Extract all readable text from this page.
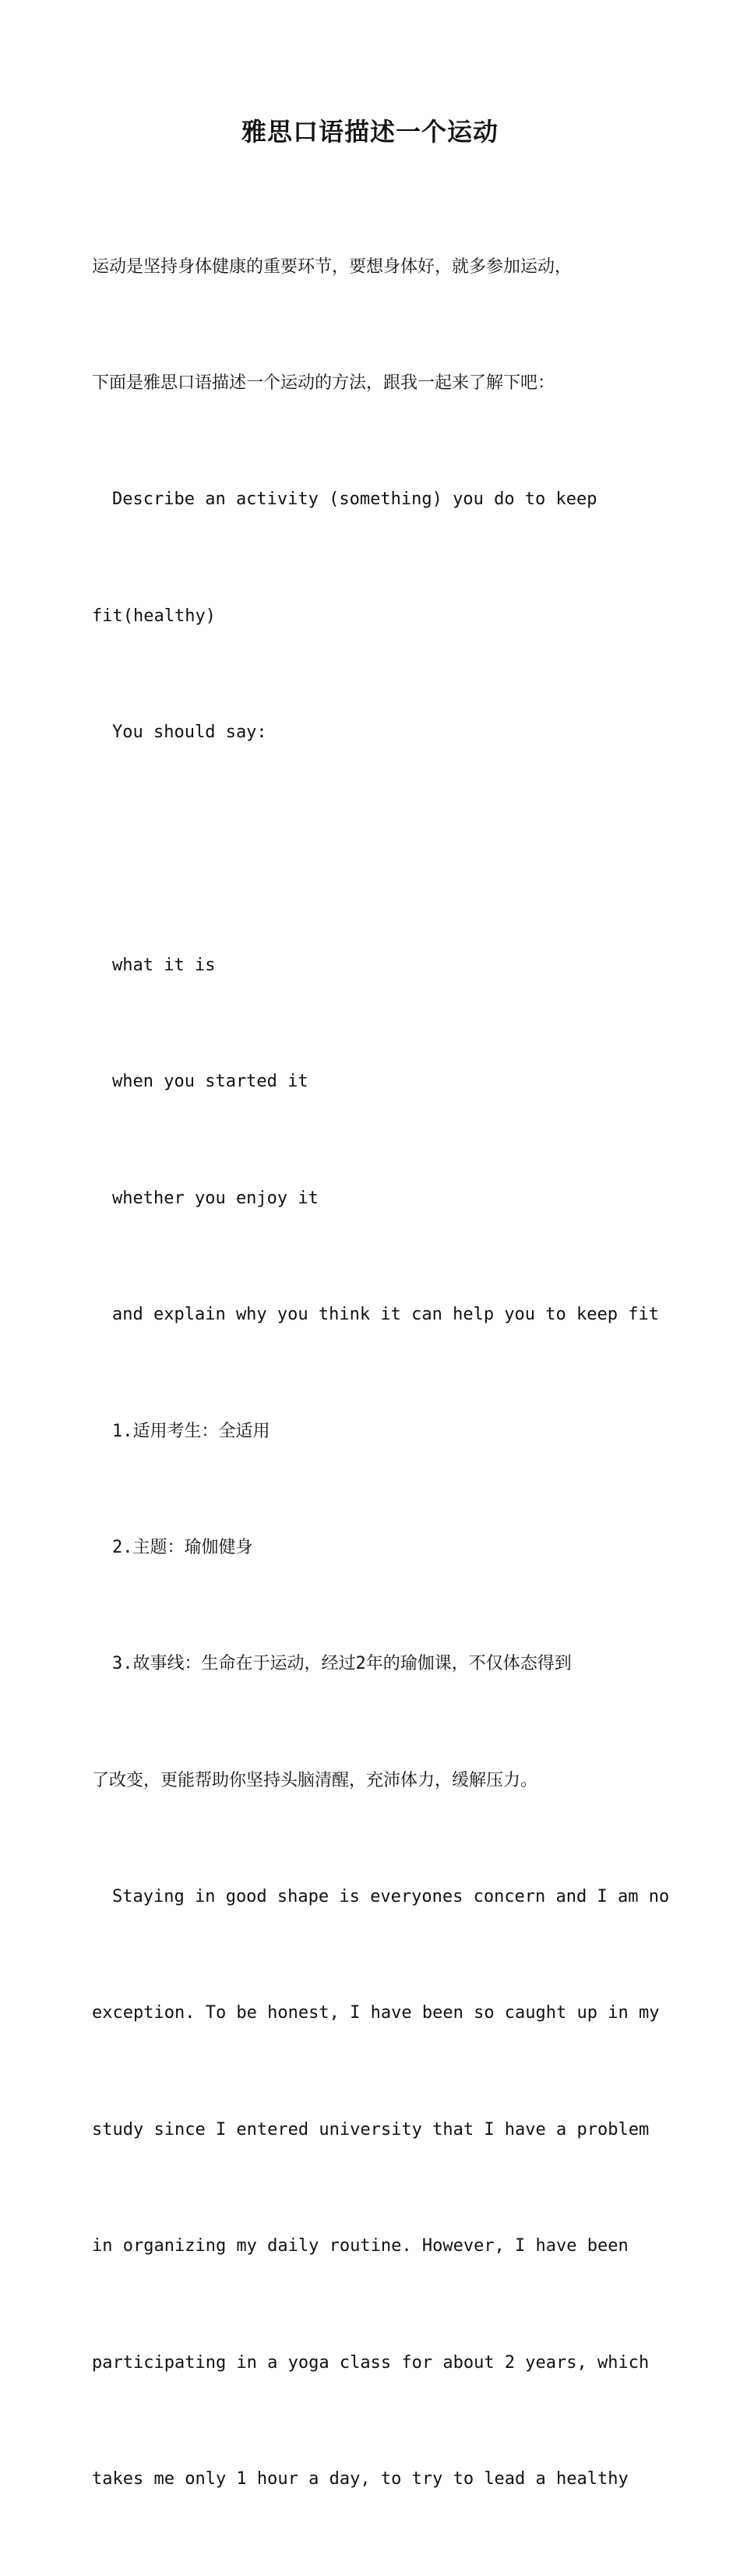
雅思口语描述一个运动

运动是坚持身体健康的重要环节，要想身体好，就多参加运动，

下面是雅思口语描述一个运动的方法，跟我一起来了解下吧：

Describe an activity (something) you do to keep

fit(healthy)

You should say:

what it is

when you started it

whether you enjoy it

and explain why you think it can help you to keep fit

1.适用考生：全适用

2.主题：瑜伽健身

3.故事线：生命在于运动，经过2年的瑜伽课，不仅体态得到

了改变，更能帮助你坚持头脑清醒，充沛体力，缓解压力。

Staying in good shape is everyones concern and I am no

exception. To be honest, I have been so caught up in my

study since I entered university that I have a problem

in organizing my daily routine. However, I have been

participating in a yoga class for about 2 years, which

takes me only 1 hour a day, to try to lead a healthy
